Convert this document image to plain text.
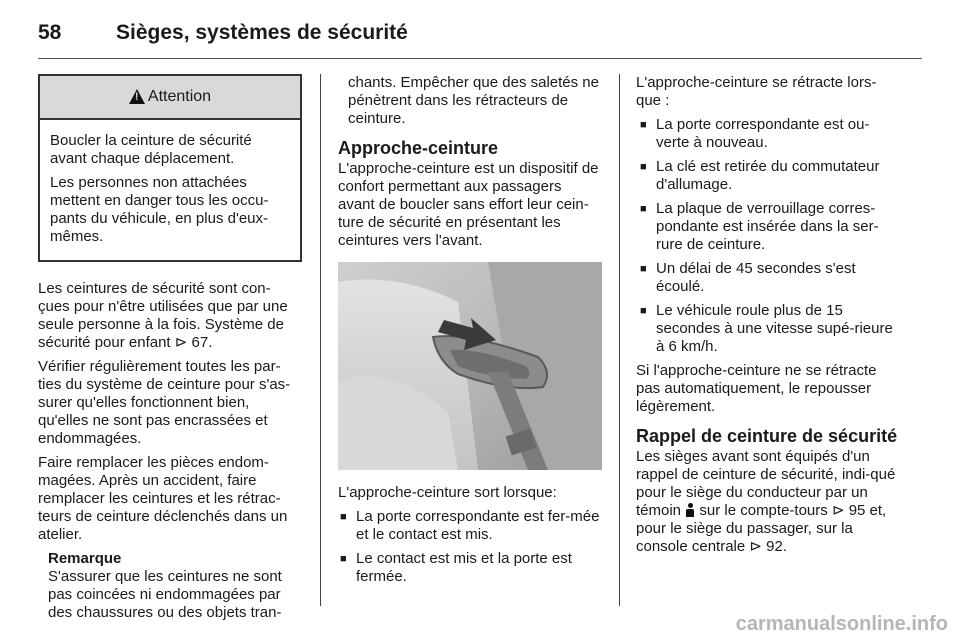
58	Sièges, systèmes de sécurité
!
Attention

Boucler la ceinture de sécurité avant chaque déplacement.

Les personnes non attachées mettent en danger tous les occu-pants du véhicule, en plus d'eux-mêmes.

Les ceintures de sécurité sont con-çues pour n'être utilisées que par une seule personne à la fois. Système de sécurité pour enfant ⊳ 67.

Vérifier régulièrement toutes les par-ties du système de ceinture pour s'as-surer qu'elles fonctionnent bien, qu'elles ne sont pas encrassées et endommagées.

Faire remplacer les pièces endom-magées. Après un accident, faire remplacer les ceintures et les rétrac-teurs de ceinture déclenchés dans un atelier.

Remarque
S'assurer que les ceintures ne sont pas coincées ni endommagées par des chaussures ou des objets tran-

chants. Empêcher que des saletés ne pénètrent dans les rétracteurs de ceinture.

Approche-ceinture

L'approche-ceinture est un dispositif de confort permettant aux passagers avant de boucler sans effort leur cein-ture de sécurité en présentant les ceintures vers l'avant.

L'approche-ceinture sort lorsque:

■ La porte correspondante est fer-mée et le contact est mis.
■ Le contact est mis et la porte est fermée.

L'approche-ceinture se rétracte lors-que :

■ La porte correspondante est ou-verte à nouveau.
■ La clé est retirée du commutateur d'allumage.
■ La plaque de verrouillage corres-pondante est insérée dans la ser-rure de ceinture.
■ Un délai de 45 secondes s'est écoulé.
■ Le véhicule roule plus de 15 secondes à une vitesse supé-rieure à 6 km/h.

Si l'approche-ceinture ne se rétracte pas automatiquement, le repousser légèrement.

Rappel de ceinture de sécurité

Les sièges avant sont équipés d'un rappel de ceinture de sécurité, indi-qué pour le siège du conducteur par un témoin sur le compte-tours ⊳ 95 et, pour le siège du passager, sur la console centrale ⊳ 92.

carmanualsonline.info
